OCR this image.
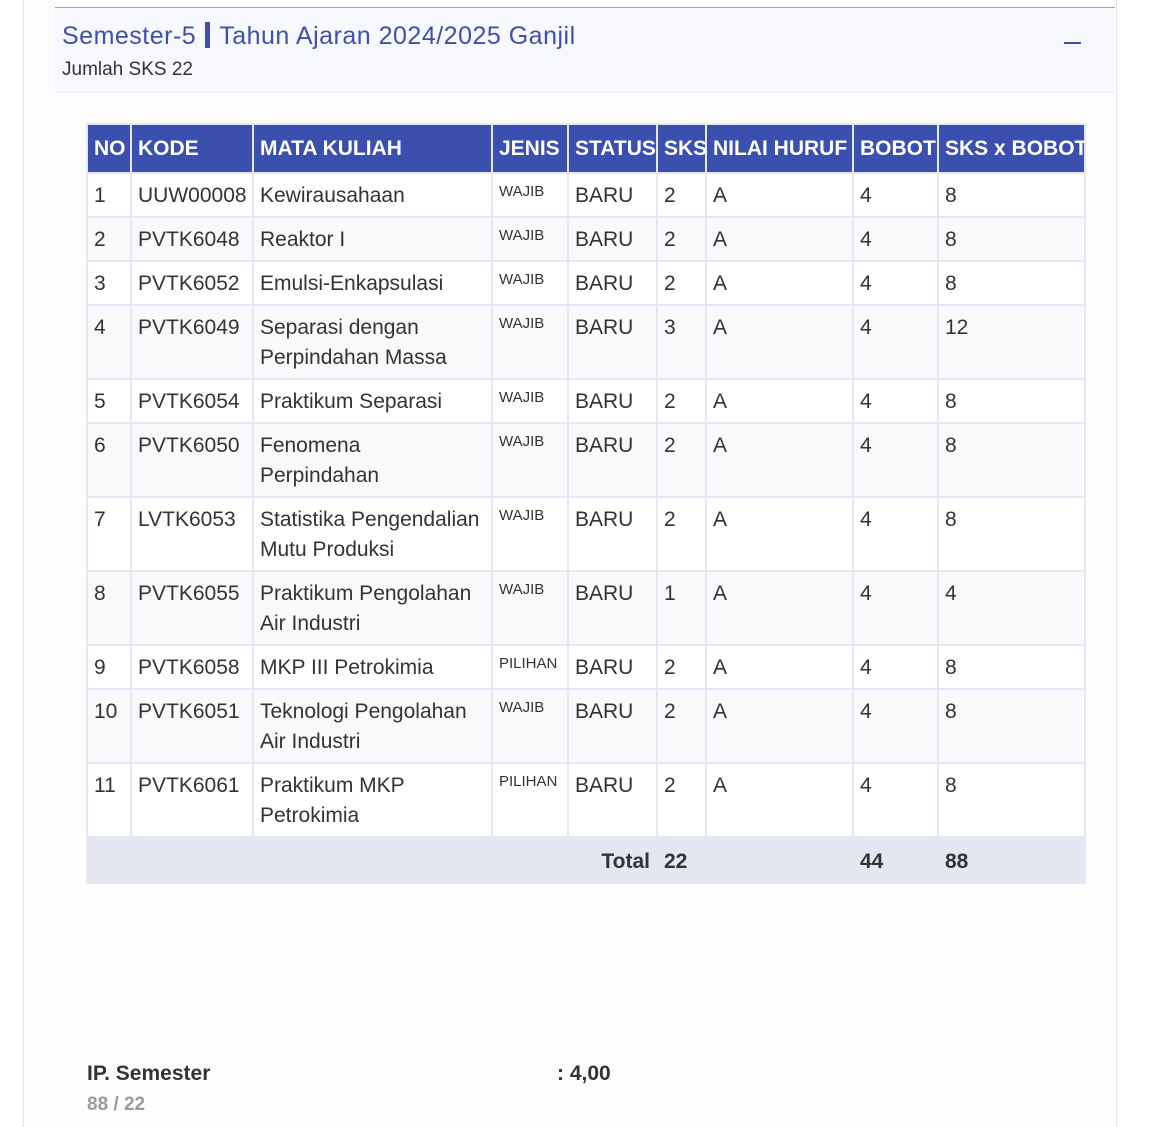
Semester-5 Tahun Ajaran 2024/2025 Ganjil
Jumlah SKS 22
NO	KODE	MATA KULIAH	JENIS	STATUS	SKS	NILAI HURUF	BOBOT	SKS x BOBOT
1	UUW00008	Kewirausahaan	WAJIB	BARU	2	A	4	8
2	PVTK6048	Reaktor I	WAJIB	BARU	2	A	4	8
3	PVTK6052	Emulsi-Enkapsulasi	WAJIB	BARU	2	A	4	8
4	PVTK6049	Separasi dengan Perpindahan Massa	WAJIB	BARU	3	A	4	12
5	PVTK6054	Praktikum Separasi	WAJIB	BARU	2	A	4	8
6	PVTK6050	Fenomena Perpindahan	WAJIB	BARU	2	A	4	8
7	LVTK6053	Statistika Pengendalian Mutu Produksi	WAJIB	BARU	2	A	4	8
8	PVTK6055	Praktikum Pengolahan Air Industri	WAJIB	BARU	1	A	4	4
9	PVTK6058	MKP III Petrokimia	PILIHAN	BARU	2	A	4	8
10	PVTK6051	Teknologi Pengolahan Air Industri	WAJIB	BARU	2	A	4	8
11	PVTK6061	Praktikum MKP Petrokimia	PILIHAN	BARU	2	A	4	8
Total					22		44	88
IP. Semester	: 4,00
88 / 22
